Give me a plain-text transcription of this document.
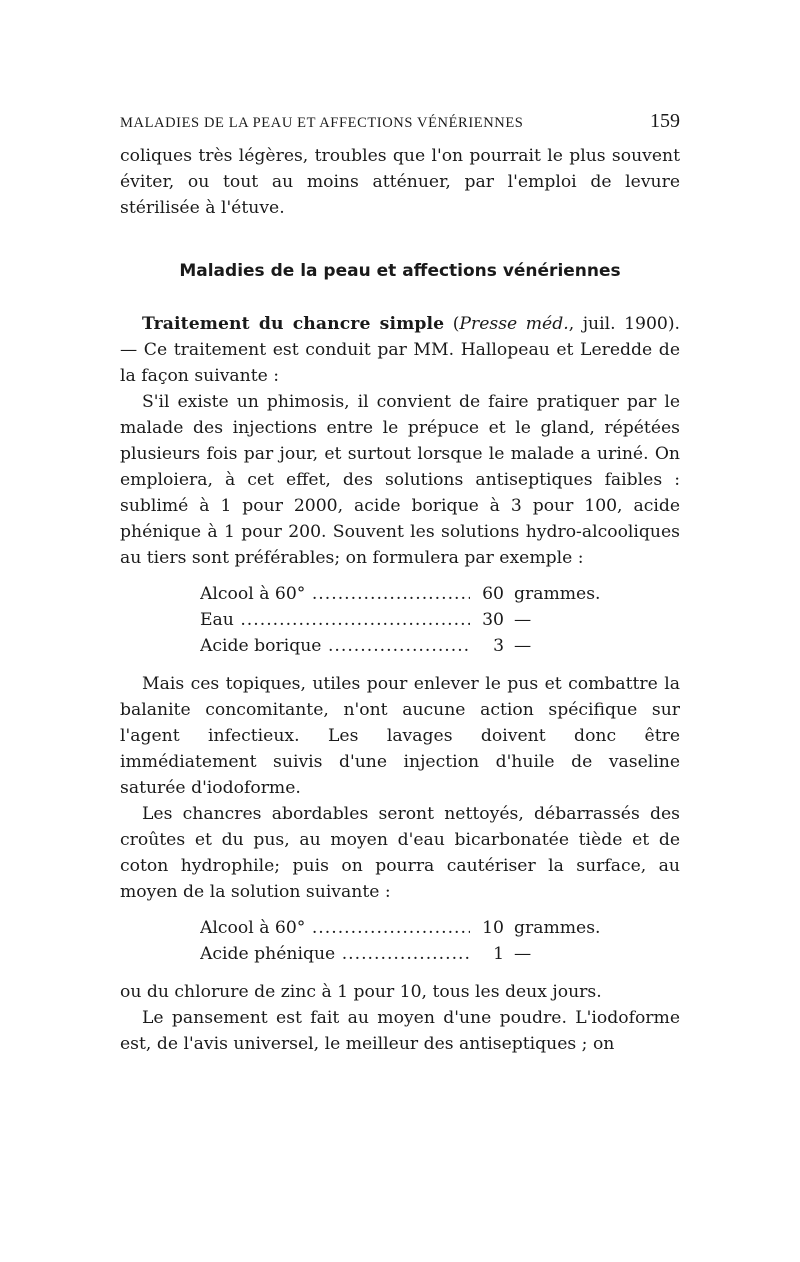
MALADIES DE LA PEAU ET AFFECTIONS VÉNÉRIENNES	159

coliques très légères, troubles que l'on pourrait le plus souvent éviter, ou tout au moins atténuer, par l'emploi de levure stérilisée à l'étuve.

Maladies de la peau et affections vénériennes

Traitement du chancre simple (Presse méd., juil. 1900). — Ce traitement est conduit par MM. Hallopeau et Leredde de la façon suivante :

S'il existe un phimosis, il convient de faire pratiquer par le malade des injections entre le prépuce et le gland, répétées plusieurs fois par jour, et surtout lorsque le malade a uriné. On emploiera, à cet effet, des solutions antiseptiques faibles : sublimé à 1 pour 2000, acide borique à 3 pour 100, acide phénique à 1 pour 200. Souvent les solutions hydro-alcooliques au tiers sont préférables; on formulera par exemple :

Alcool à 60° .....	60 grammes.
Eau .....	30 —
Acide borique .....	3 —

Mais ces topiques, utiles pour enlever le pus et combattre la balanite concomitante, n'ont aucune action spécifique sur l'agent infectieux. Les lavages doivent donc être immédiatement suivis d'une injection d'huile de vaseline saturée d'iodoforme.

Les chancres abordables seront nettoyés, débarrassés des croûtes et du pus, au moyen d'eau bicarbonatée tiède et de coton hydrophile; puis on pourra cautériser la surface, au moyen de la solution suivante :

Alcool à 60° .....	10 grammes.
Acide phénique .....	1 —

ou du chlorure de zinc à 1 pour 10, tous les deux jours.

Le pansement est fait au moyen d'une poudre. L'iodoforme est, de l'avis universel, le meilleur des antiseptiques ; on
